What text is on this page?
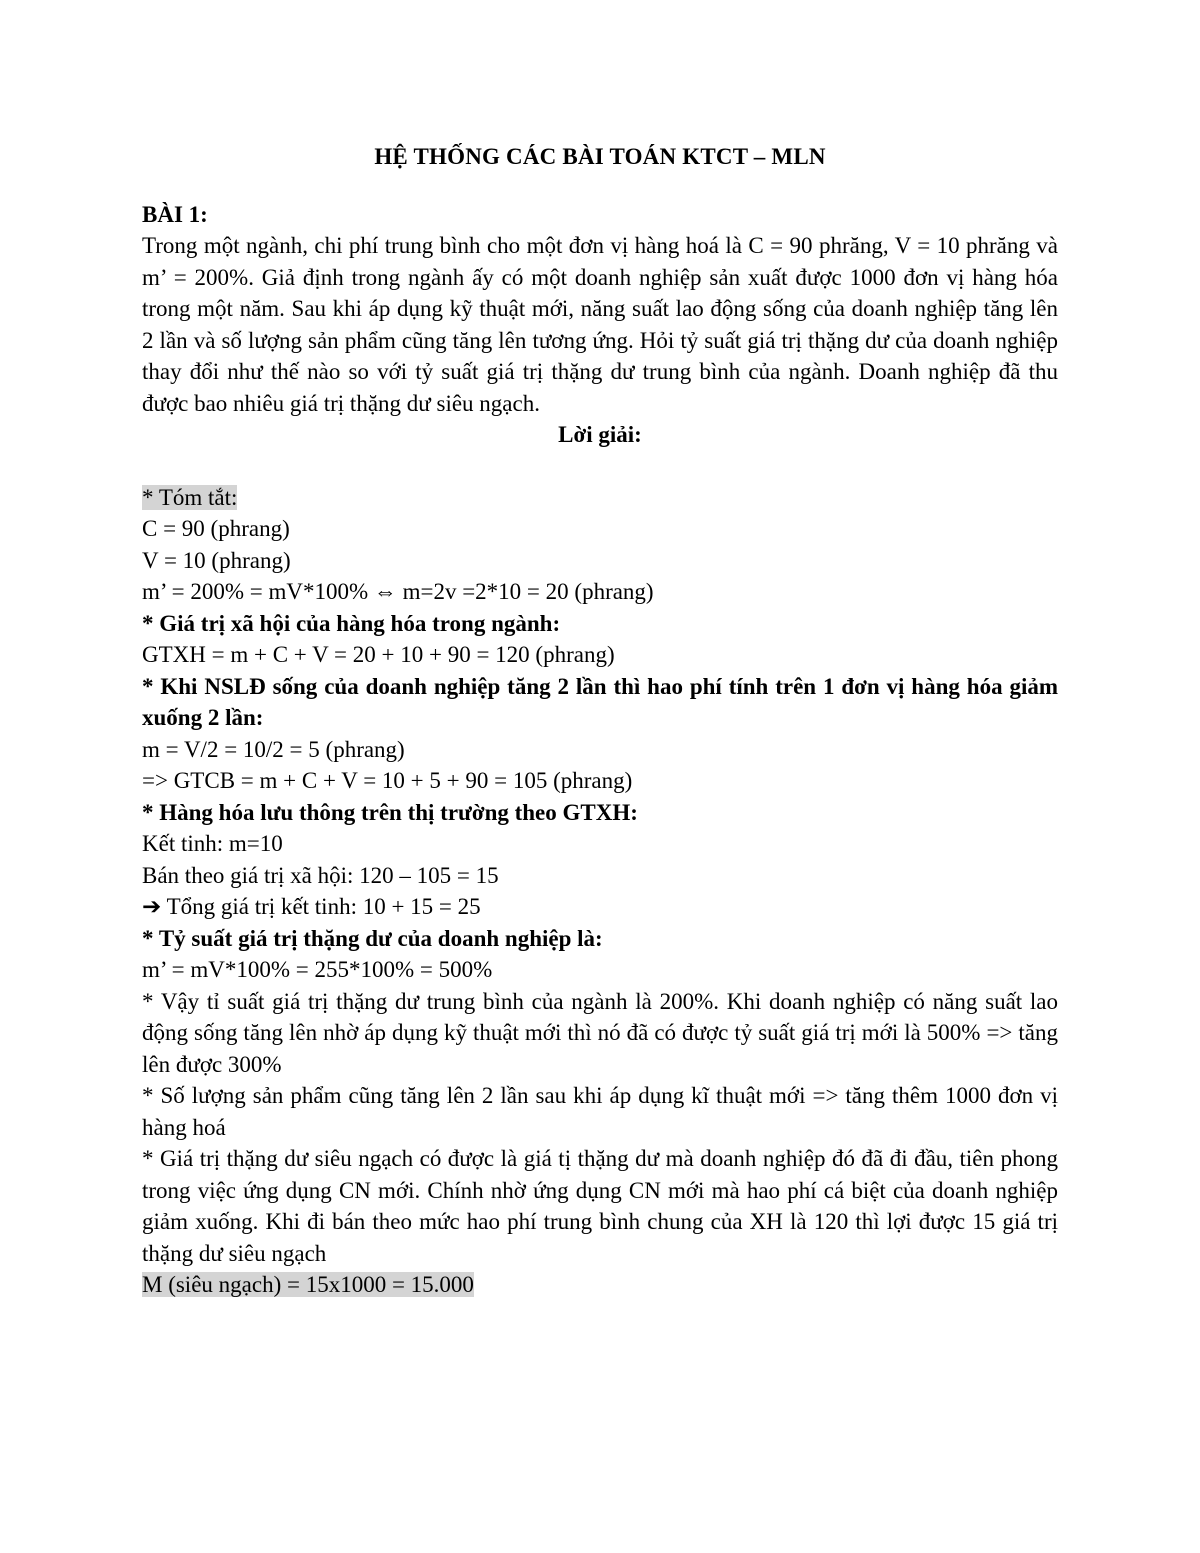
HỆ THỐNG CÁC BÀI TOÁN KTCT – MLN

BÀI 1:

Trong một ngành, chi phí trung bình cho một đơn vị hàng hoá là C = 90 phrăng, V = 10 phrăng và m’ = 200%. Giả định trong ngành ấy có một doanh nghiệp sản xuất được 1000 đơn vị hàng hóa trong một năm. Sau khi áp dụng kỹ thuật mới, năng suất lao động sống của doanh nghiệp tăng lên 2 lần và số lượng sản phẩm cũng tăng lên tương ứng. Hỏi tỷ suất giá trị thặng dư của doanh nghiệp thay đổi như thế nào so với tỷ suất giá trị thặng dư trung bình của ngành. Doanh nghiệp đã thu được bao nhiêu giá trị thặng dư siêu ngạch.

Lời giải:

* Tóm tắt:

C = 90 (phrang)

V = 10 (phrang)

m’ = 200% = mV*100% ⇔ m=2v =2*10 = 20 (phrang)

* Giá trị xã hội của hàng hóa trong ngành:

GTXH = m + C + V = 20 + 10 + 90 = 120 (phrang)

* Khi NSLĐ sống của doanh nghiệp tăng 2 lần thì hao phí tính trên 1 đơn vị hàng hóa giảm xuống 2 lần:

m = V/2 = 10/2 = 5 (phrang)

=> GTCB = m + C + V = 10 + 5 + 90 = 105 (phrang)

* Hàng hóa lưu thông trên thị trường theo GTXH:

Kết tinh: m=10

Bán theo giá trị xã hội: 120 – 105 = 15

➔ Tổng giá trị kết tinh: 10 + 15 = 25

* Tỷ suất giá trị thặng dư của doanh nghiệp là:

m’ = mV*100% = 255*100% = 500%

* Vậy tỉ suất giá trị thặng dư trung bình của ngành là 200%. Khi doanh nghiệp có năng suất lao động sống tăng lên nhờ áp dụng kỹ thuật mới thì nó đã có được tỷ suất giá trị mới là 500% => tăng lên được 300%

* Số lượng sản phẩm cũng tăng lên 2 lần sau khi áp dụng kĩ thuật mới => tăng thêm 1000 đơn vị hàng hoá

* Giá trị thặng dư siêu ngạch có được là giá tị thặng dư mà doanh nghiệp đó đã đi đầu, tiên phong trong việc ứng dụng CN mới. Chính nhờ ứng dụng CN mới mà hao phí cá biệt của doanh nghiệp giảm xuống. Khi đi bán theo mức hao phí trung bình chung của XH là 120 thì lợi được 15 giá trị thặng dư siêu ngạch

M (siêu ngạch) = 15x1000 = 15.000
